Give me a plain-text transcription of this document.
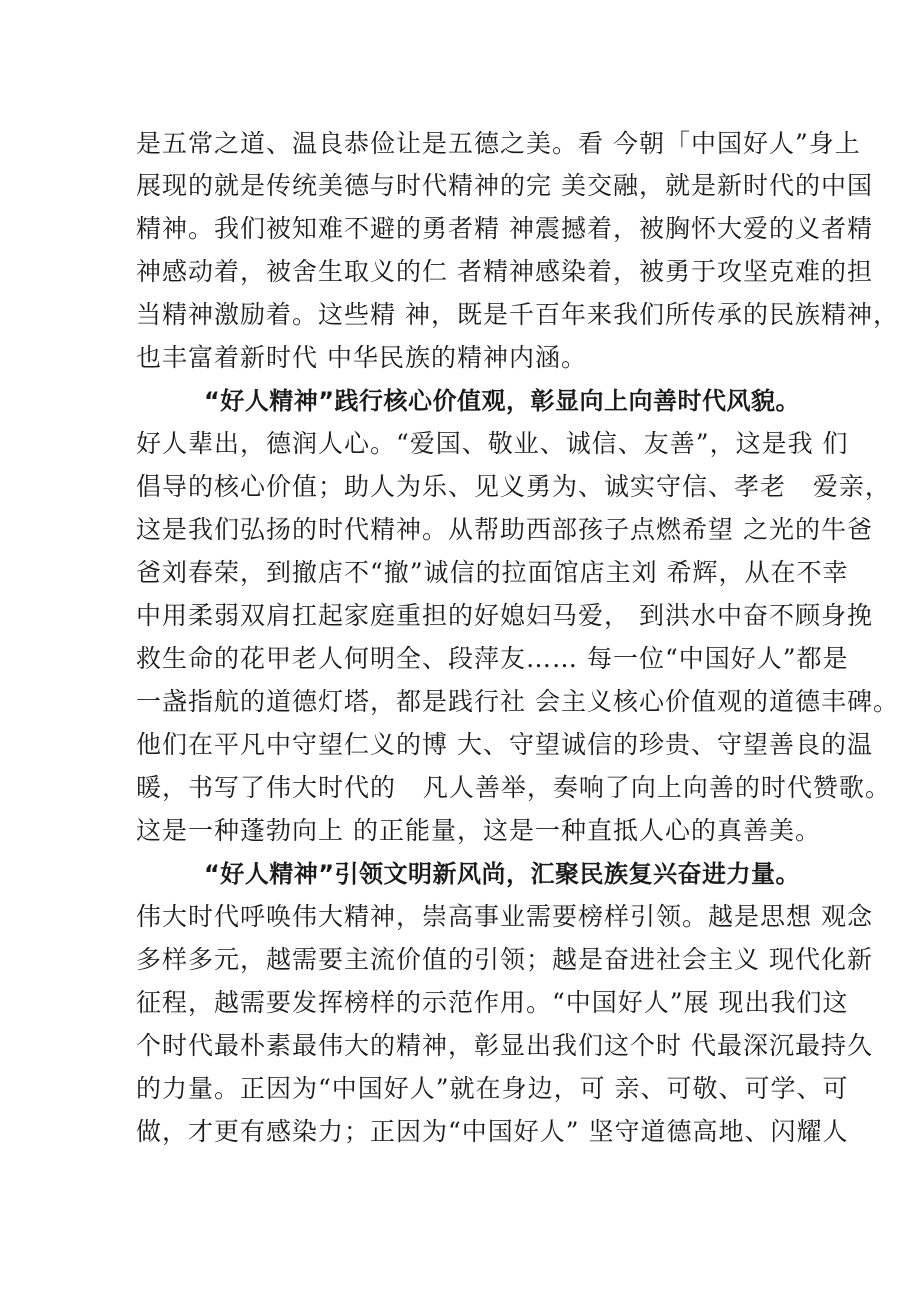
是五常之道、温良恭俭让是五德之美。看 今朝「中国好人”身上
展现的就是传统美德与时代精神的完 美交融，就是新时代的中国
精神。我们被知难不避的勇者精 神震撼着，被胸怀大爱的义者精
神感动着，被舍生取义的仁 者精神感染着，被勇于攻坚克难的担
当精神激励着。这些精 神，既是千百年来我们所传承的民族精神，
也丰富着新时代 中华民族的精神内涵。
“好人精神”践行核心价值观，彰显向上向善时代风貌。
好人辈出，德润人心。“爱国、敬业、诚信、友善”，这是我 们
倡导的核心价值；助人为乐、见义勇为、诚实守信、孝老   爱亲，
这是我们弘扬的时代精神。从帮助西部孩子点燃希望 之光的牛爸
爸刘春荣，到撤店不“撤”诚信的拉面馆店主刘 希辉，从在不幸
中用柔弱双肩扛起家庭重担的好媳妇马爱， 到洪水中奋不顾身挽
救生命的花甲老人何明全、段萍友…… 每一位“中国好人”都是
一盏指航的道德灯塔，都是践行社 会主义核心价值观的道德丰碑。
他们在平凡中守望仁义的博 大、守望诚信的珍贵、守望善良的温
暖，书写了伟大时代的   凡人善举，奏响了向上向善的时代赞歌。
这是一种蓬勃向上 的正能量，这是一种直抵人心的真善美。
“好人精神”引领文明新风尚，汇聚民族复兴奋进力量。
伟大时代呼唤伟大精神，崇高事业需要榜样引领。越是思想 观念
多样多元，越需要主流价值的引领；越是奋进社会主义 现代化新
征程，越需要发挥榜样的示范作用。“中国好人”展 现出我们这
个时代最朴素最伟大的精神，彰显出我们这个时 代最深沉最持久
的力量。正因为“中国好人”就在身边，可 亲、可敬、可学、可
做，才更有感染力；正因为“中国好人” 坚守道德高地、闪耀人
